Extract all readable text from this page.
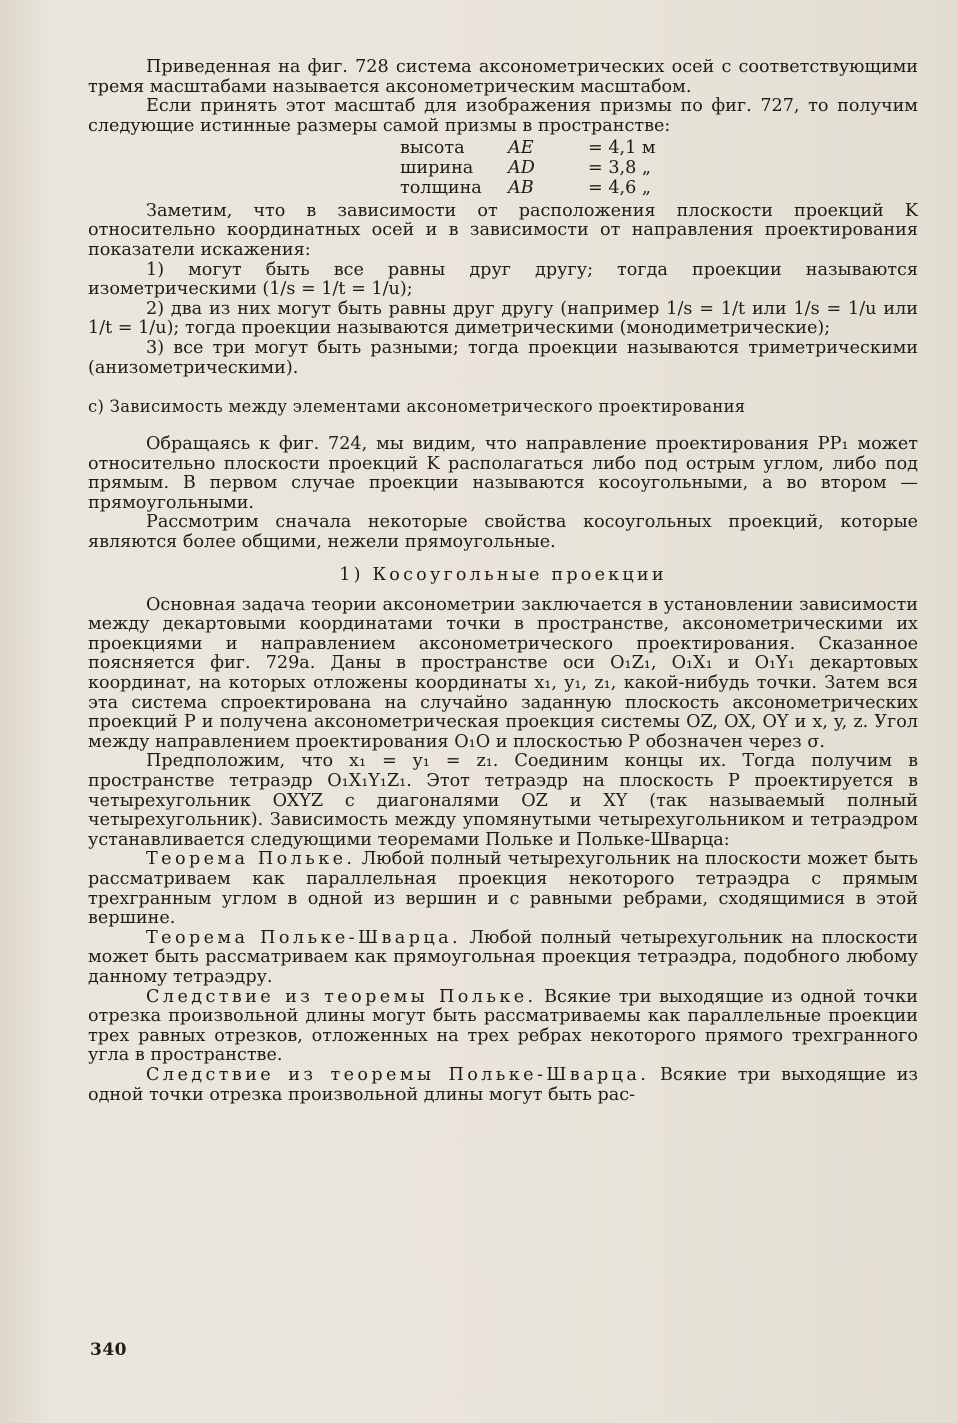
Приведенная на фиг. 728 система аксонометрических осей с соответствующими тремя масштабами называется аксонометрическим масштабом.

Если принять этот масштаб для изображения призмы по фиг. 727, то получим следующие истинные размеры самой призмы в пространстве:

высота AE	= 4,1 м
ширина AD	= 3,8 „
толщина AB	= 4,6 „

Заметим, что в зависимости от расположения плоскости проекций K относительно координатных осей и в зависимости от направления проектирования показатели искажения:

1) могут быть все равны друг другу; тогда проекции называются изометрическими (1/s = 1/t = 1/u);

2) два из них могут быть равны друг другу (например 1/s = 1/t или 1/s = 1/u или 1/t = 1/u); тогда проекции называются диметрическими (монодиметрические);

3) все три могут быть разными; тогда проекции называются триметрическими (анизометрическими).

c) Зависимость между элементами аксонометрического проектирования

Обращаясь к фиг. 724, мы видим, что направление проектирования PP₁ может относительно плоскости проекций K располагаться либо под острым углом, либо под прямым. В первом случае проекции называются косоугольными, а во втором — прямоугольными.

Рассмотрим сначала некоторые свойства косоугольных проекций, которые являются более общими, нежели прямоугольные.

1) Косоугольные проекции

Основная задача теории аксонометрии заключается в установлении зависимости между декартовыми координатами точки в пространстве, аксонометрическими их проекциями и направлением аксонометрического проектирования. Сказанное поясняется фиг. 729а. Даны в пространстве оси O₁Z₁, O₁X₁ и O₁Y₁ декартовых координат, на которых отложены координаты x₁, y₁, z₁, какой-нибудь точки. Затем вся эта система спроектирована на случайно заданную плоскость аксонометрических проекций P и получена аксонометрическая проекция системы OZ, OX, OY и x, y, z. Угол между направлением проектирования O₁O и плоскостью P обозначен через σ.

Предположим, что x₁ = y₁ = z₁. Соединим концы их. Тогда получим в пространстве тетраэдр O₁X₁Y₁Z₁. Этот тетраэдр на плоскость P проектируется в четырехугольник OXYZ с диагоналями OZ и XY (так называемый полный четырехугольник). Зависимость между упомянутыми четырехугольником и тетраэдром устанавливается следующими теоремами Польке и Польке-Шварца:

Теорема Польке. Любой полный четырехугольник на плоскости может быть рассматриваем как параллельная проекция некоторого тетраэдра с прямым трехгранным углом в одной из вершин и с равными ребрами, сходящимися в этой вершине.

Теорема Польке-Шварца. Любой полный четырехугольник на плоскости может быть рассматриваем как прямоугольная проекция тетраэдра, подобного любому данному тетраэдру.

Следствие из теоремы Польке. Всякие три выходящие из одной точки отрезка произвольной длины могут быть рассматриваемы как параллельные проекции трех равных отрезков, отложенных на трех ребрах некоторого прямого трехгранного угла в пространстве.

Следствие из теоремы Польке-Шварца. Всякие три выходящие из одной точки отрезка произвольной длины могут быть рас-

340
